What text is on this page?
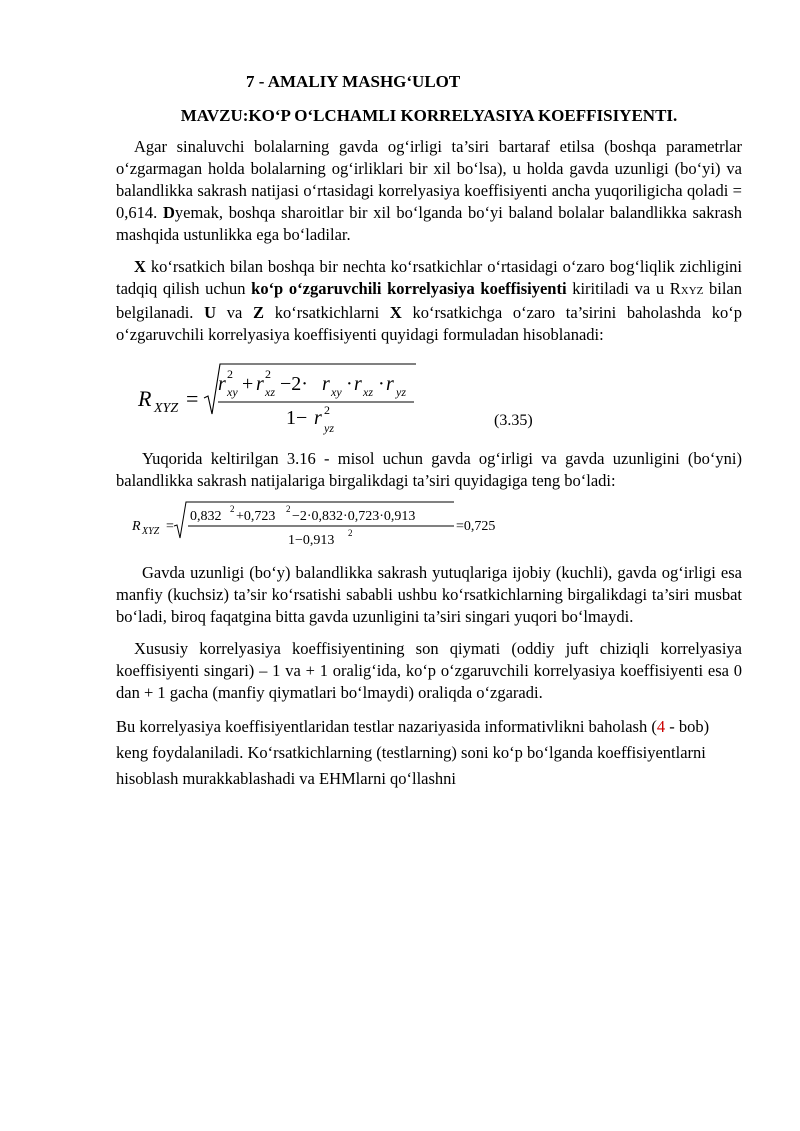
7 - AMALIY MASHG‘ULOT
MAVZU:KO‘P O‘LCHAMLI KORRELYASIYA KOEFFISIYENTI.

Agar sinaluvchi bolalarning gavda og‘irligi ta’siri bartaraf etilsa (boshqa parametrlar o‘zgarmagan holda bolalarning og‘irliklari bir xil bo‘lsa), u holda gavda uzunligi (bo‘yi) va balandlikka sakrash natijasi o‘rtasidagi korrelyasiya koeffisiyenti ancha yuqoriligicha qoladi = 0,614. Dyemak, boshqa sharoitlar bir xil bo‘lganda bo‘yi baland bolalar balandlikka sakrash mashqida ustunlikka ega bo‘ladilar.

X ko‘rsatkich bilan boshqa bir nechta ko‘rsatkichlar o‘rtasidagi o‘zaro bog‘liqlik zichligini tadqiq qilish uchun ko‘p o‘zgaruvchili korrelyasiya koeffisiyenti kiritiladi va u RXYZ bilan belgilanadi. U va Z ko‘rsatkichlarni X ko‘rsatkichga o‘zaro ta’sirini baholashda ko‘p o‘zgaruvchili korrelyasiya koeffisiyenti quyidagi formuladan hisoblanadi:

R XYZ =
r 2
xy + r 2
xz −2· r xy · r xz · r yz
1− r 2
yz	(3.35)

Yuqorida keltirilgan 3.16 - misol uchun gavda og‘irligi va gavda uzunligini (bo‘yni) balandlikka sakrash natijalariga birgalikdagi ta’siri quyidagiga teng bo‘ladi:

R XYZ =
0,832 2 +0,723 2 −2·0,832·0,723·0,913
1−0,913 2	=0,725

Gavda uzunligi (bo‘y) balandlikka sakrash yutuqlariga ijobiy (kuchli), gavda og‘irligi esa manfiy (kuchsiz) ta’sir ko‘rsatishi sababli ushbu ko‘rsatkichlarning birgalikdagi ta’siri musbat bo‘ladi, biroq faqatgina bitta gavda uzunligini ta’siri singari yuqori bo‘lmaydi.

Xususiy korrelyasiya koeffisiyentining son qiymati (oddiy juft chiziqli korrelyasiya koeffisiyenti singari) – 1 va + 1 oralig‘ida, ko‘p o‘zgaruvchili korrelyasiya koeffisiyenti esa 0 dan + 1 gacha (manfiy qiymatlari bo‘lmaydi) oraliqda o‘zgaradi.

Bu korrelyasiya koeffisiyentlaridan testlar nazariyasida informativlikni baholash (4 - bob) keng foydalaniladi. Ko‘rsatkichlarning (testlarning) soni ko‘p bo‘lganda koeffisiyentlarni hisoblash murakkablashadi va EHMlarni qo‘llashni
